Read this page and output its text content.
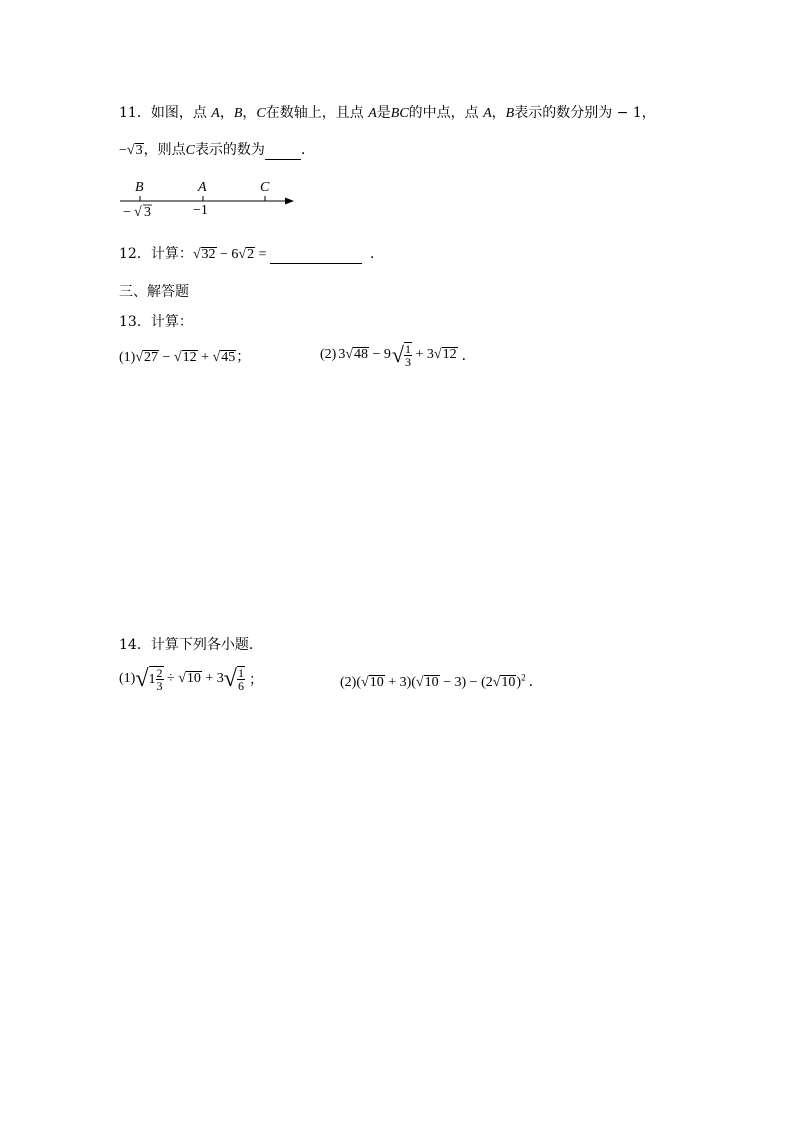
11．如图，点 A，B，C在数轴上，且点 A是BC的中点，点 A，B表示的数分别为 − 1，
−√3，则点C表示的数为	．
B	A	C
− √ 3	−1
12．计算：√32 − 6√2 =	．
三、解答题
13．计算：
(1)√27 − √12 + √45；	(2) 3 √48 − 9 √ $\frac{1}{3} + 3$ √12 ．
14．计算下列各小题．
(1) √ $1 \frac{2}{3} \div √10 + 3$ √ $\frac{1}{6}$ ；	$(2)(√10 + 3)(√10 - 3) - (2√10)^2$ ．
